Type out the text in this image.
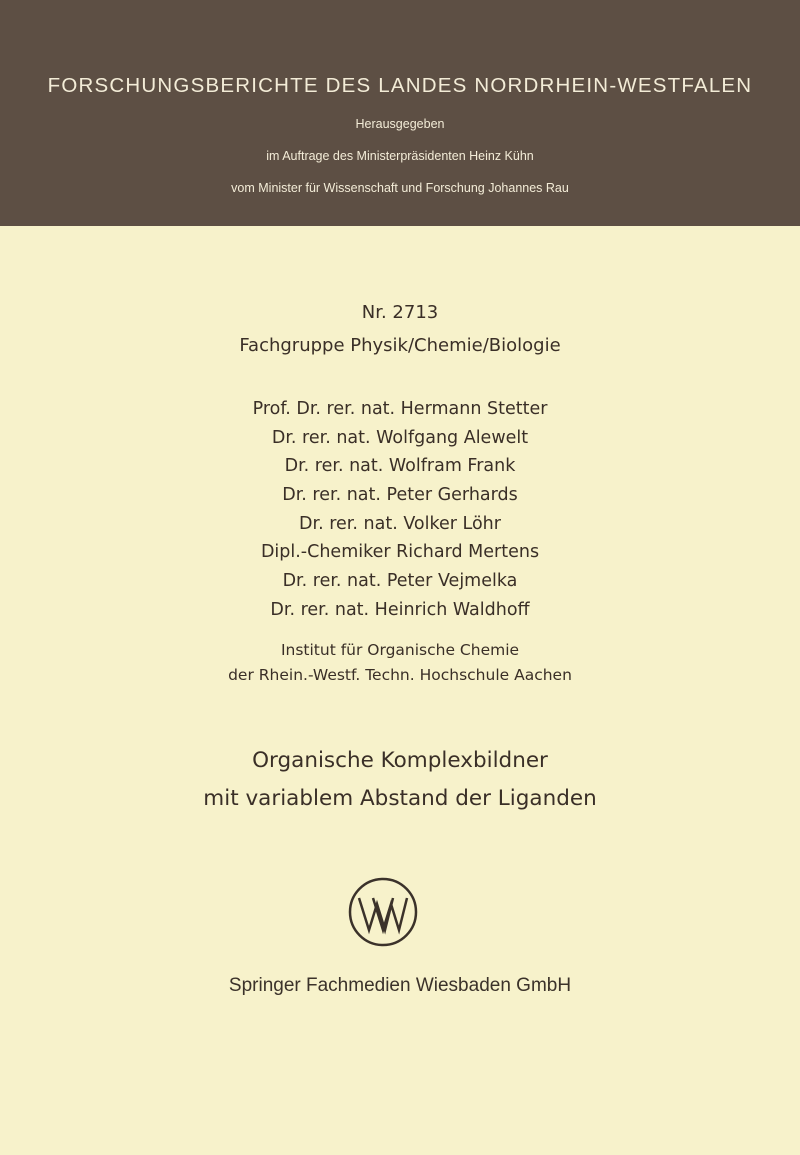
FORSCHUNGSBERICHTE DES LANDES NORDRHEIN-WESTFALEN
Herausgegeben
im Auftrage des Ministerpräsidenten Heinz Kühn
vom Minister für Wissenschaft und Forschung Johannes Rau
Nr. 2713
Fachgruppe Physik/Chemie/Biologie
Prof. Dr. rer. nat. Hermann Stetter
Dr. rer. nat. Wolfgang Alewelt
Dr. rer. nat. Wolfram Frank
Dr. rer. nat. Peter Gerhards
Dr. rer. nat. Volker Löhr
Dipl.-Chemiker Richard Mertens
Dr. rer. nat. Peter Vejmelka
Dr. rer. nat. Heinrich Waldhoff
Institut für Organische Chemie
der Rhein.-Westf. Techn. Hochschule Aachen
Organische Komplexbildner
mit variablem Abstand der Liganden
Springer Fachmedien Wiesbaden GmbH
